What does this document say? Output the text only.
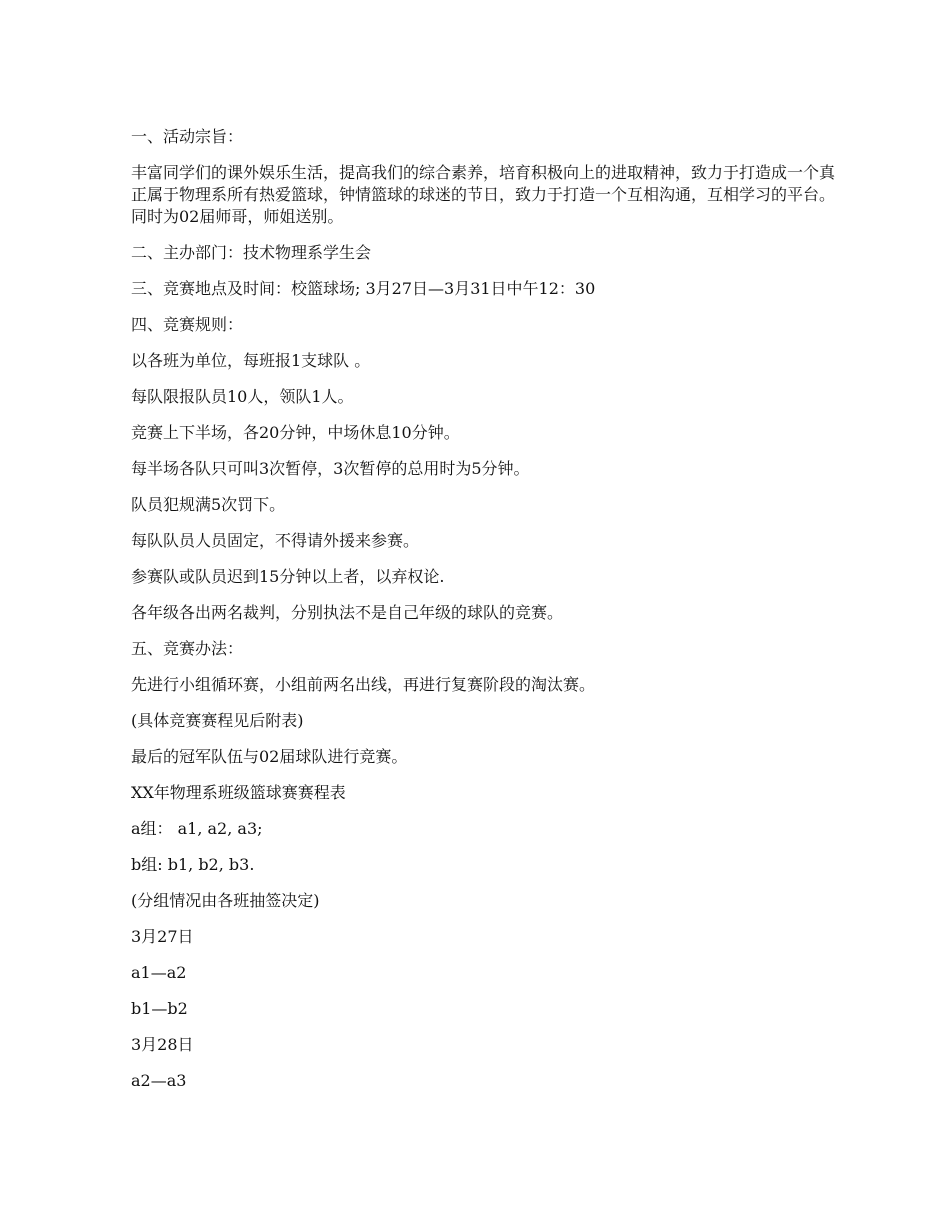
一、活动宗旨：
丰富同学们的课外娱乐生活，提高我们的综合素养，培育积极向上的进取精神，致力于打造成一个真正属于物理系所有热爱篮球，钟情篮球的球迷的节日，致力于打造一个互相沟通，互相学习的平台。同时为02届师哥，师姐送别。
二、主办部门：技术物理系学生会
三、竞赛地点及时间：校篮球场; 3月27日—3月31日中午12：30
四、竞赛规则：
以各班为单位，每班报1支球队 。
每队限报队员10人，领队1人。
竞赛上下半场，各20分钟，中场休息10分钟。
每半场各队只可叫3次暂停，3次暂停的总用时为5分钟。
队员犯规满5次罚下。
每队队员人员固定，不得请外援来参赛。
参赛队或队员迟到15分钟以上者，以弃权论.
各年级各出两名裁判，分别执法不是自己年级的球队的竞赛。
五、竞赛办法：
先进行小组循环赛，小组前两名出线，再进行复赛阶段的淘汰赛。
(具体竞赛赛程见后附表)
最后的冠军队伍与02届球队进行竞赛。
XX年物理系班级篮球赛赛程表
a组： a1, a2, a3;
b组: b1, b2, b3.
(分组情况由各班抽签决定)
3月27日
a1—a2
b1—b2
3月28日
a2—a3
